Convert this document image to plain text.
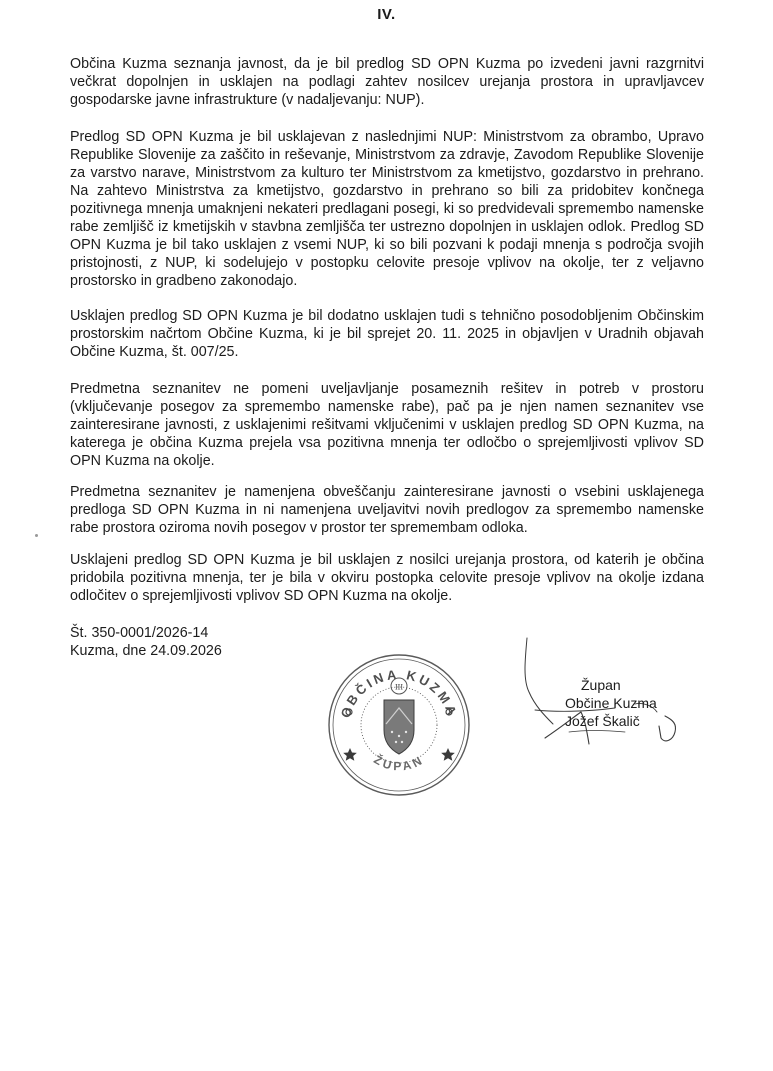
IV.

Občina Kuzma seznanja javnost, da je bil predlog SD OPN Kuzma po izvedeni javni razgrnitvi večkrat dopolnjen in usklajen na podlagi zahtev nosilcev urejanja prostora in upravljavcev gospodarske javne infrastrukture (v nadaljevanju: NUP).

Predlog SD OPN Kuzma je bil usklajevan z naslednjimi NUP: Ministrstvom za obrambo, Upravo Republike Slovenije za zaščito in reševanje, Ministrstvom za zdravje, Zavodom Republike Slovenije za varstvo narave, Ministrstvom za kulturo ter Ministrstvom za kmetijstvo, gozdarstvo in prehrano. Na zahtevo Ministrstva za kmetijstvo, gozdarstvo in prehrano so bili za pridobitev končnega pozitivnega mnenja umaknjeni nekateri predlagani posegi, ki so predvidevali spremembo namenske rabe zemljišč iz kmetijskih v stavbna zemljišča ter ustrezno dopolnjen in usklajen odlok. Predlog SD OPN Kuzma je bil tako usklajen z vsemi NUP, ki so bili pozvani k podaji mnenja s področja svojih pristojnosti, z NUP, ki sodelujejo v postopku celovite presoje vplivov na okolje, ter z veljavno prostorsko in gradbeno zakonodajo.

Usklajen predlog SD OPN Kuzma je bil dodatno usklajen tudi s tehnično posodobljenim Občinskim prostorskim načrtom Občine Kuzma, ki je bil sprejet 20. 11. 2025 in objavljen v Uradnih objavah Občine Kuzma, št. 007/25.

Predmetna seznanitev ne pomeni uveljavljanje posameznih rešitev in potreb v prostoru (vključevanje posegov za spremembo namenske rabe), pač pa je njen namen seznanitev vse zainteresirane javnosti, z usklajenimi rešitvami vključenimi v usklajen predlog SD OPN Kuzma, na katerega je občina Kuzma prejela vsa pozitivna mnenja ter odločbo o sprejemljivosti vplivov SD OPN Kuzma na okolje.

Predmetna seznanitev je namenjena obveščanju zainteresirane javnosti o vsebini usklajenega predloga SD OPN Kuzma in ni namenjena uveljavitvi novih predlogov za spremembo namenske rabe prostora oziroma novih posegov v prostor ter spremembam odloka.

Usklajeni predlog SD OPN Kuzma je bil usklajen z nosilci urejanja prostora, od katerih je občina pridobila pozitivna mnenja, ter je bila v okviru postopka celovite presoje vplivov na okolje izdana odločitev o sprejemljivosti vplivov SD OPN Kuzma na okolje.

Št. 350-0001/2026-14
Kuzma, dne 24.09.2026
OBČINA KUZMA
ŽUPAN
III	Župan
Občine Kuzma
Jožef Škalič
